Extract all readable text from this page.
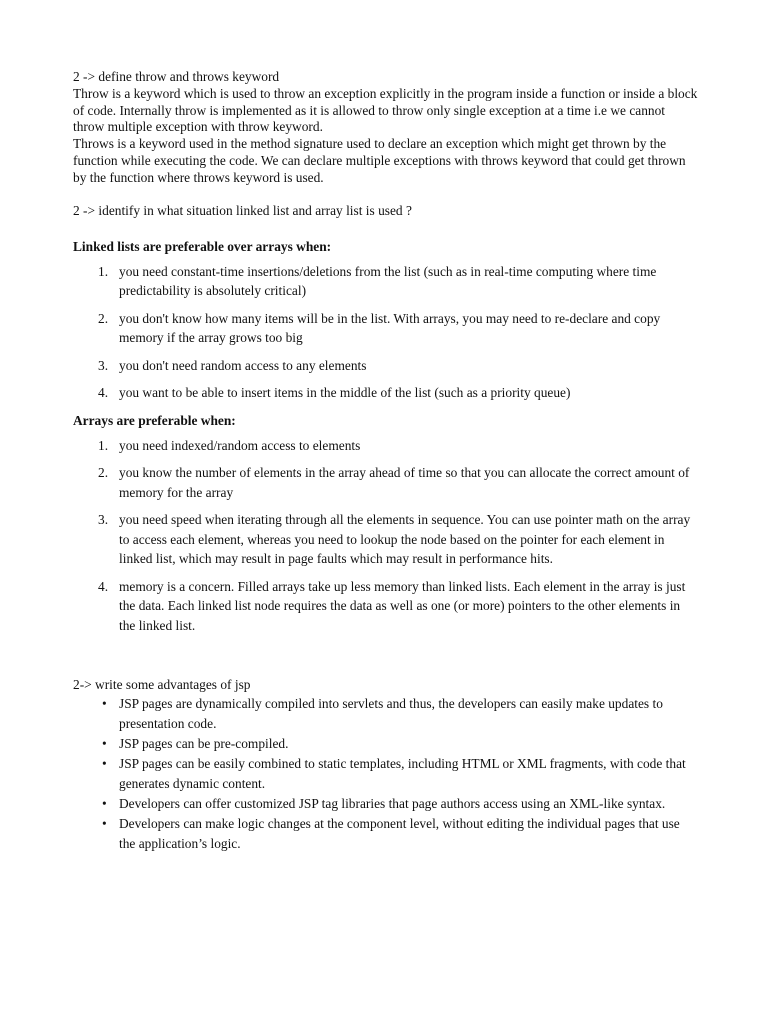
2 -> define throw and throws keyword

Throw is a keyword which is used to throw an exception explicitly in the program inside a function or inside a block of code. Internally throw is implemented as it is allowed to throw only single exception at a time i.e we cannot throw multiple exception with throw keyword.

Throws is a keyword used in the method signature used to declare an exception which might get thrown by the function while executing the code. We can declare multiple exceptions with throws keyword that could get thrown by the function where throws keyword is used.

2 -> identify in what situation linked list and array list is used ?

Linked lists are preferable over arrays when:

1. you need constant-time insertions/deletions from the list (such as in real-time computing where time predictability is absolutely critical)
2. you don't know how many items will be in the list. With arrays, you may need to re-declare and copy memory if the array grows too big
3. you don't need random access to any elements
4. you want to be able to insert items in the middle of the list (such as a priority queue)

Arrays are preferable when:

1. you need indexed/random access to elements
2. you know the number of elements in the array ahead of time so that you can allocate the correct amount of memory for the array
3. you need speed when iterating through all the elements in sequence. You can use pointer math on the array to access each element, whereas you need to lookup the node based on the pointer for each element in linked list, which may result in page faults which may result in performance hits.
4. memory is a concern. Filled arrays take up less memory than linked lists. Each element in the array is just the data. Each linked list node requires the data as well as one (or more) pointers to the other elements in the linked list.

2-> write some advantages of jsp

• JSP pages are dynamically compiled into servlets and thus, the developers can easily make updates to presentation code.
• JSP pages can be pre-compiled.
• JSP pages can be easily combined to static templates, including HTML or XML fragments, with code that generates dynamic content.
• Developers can offer customized JSP tag libraries that page authors access using an XML-like syntax.
• Developers can make logic changes at the component level, without editing the individual pages that use the application’s logic.
